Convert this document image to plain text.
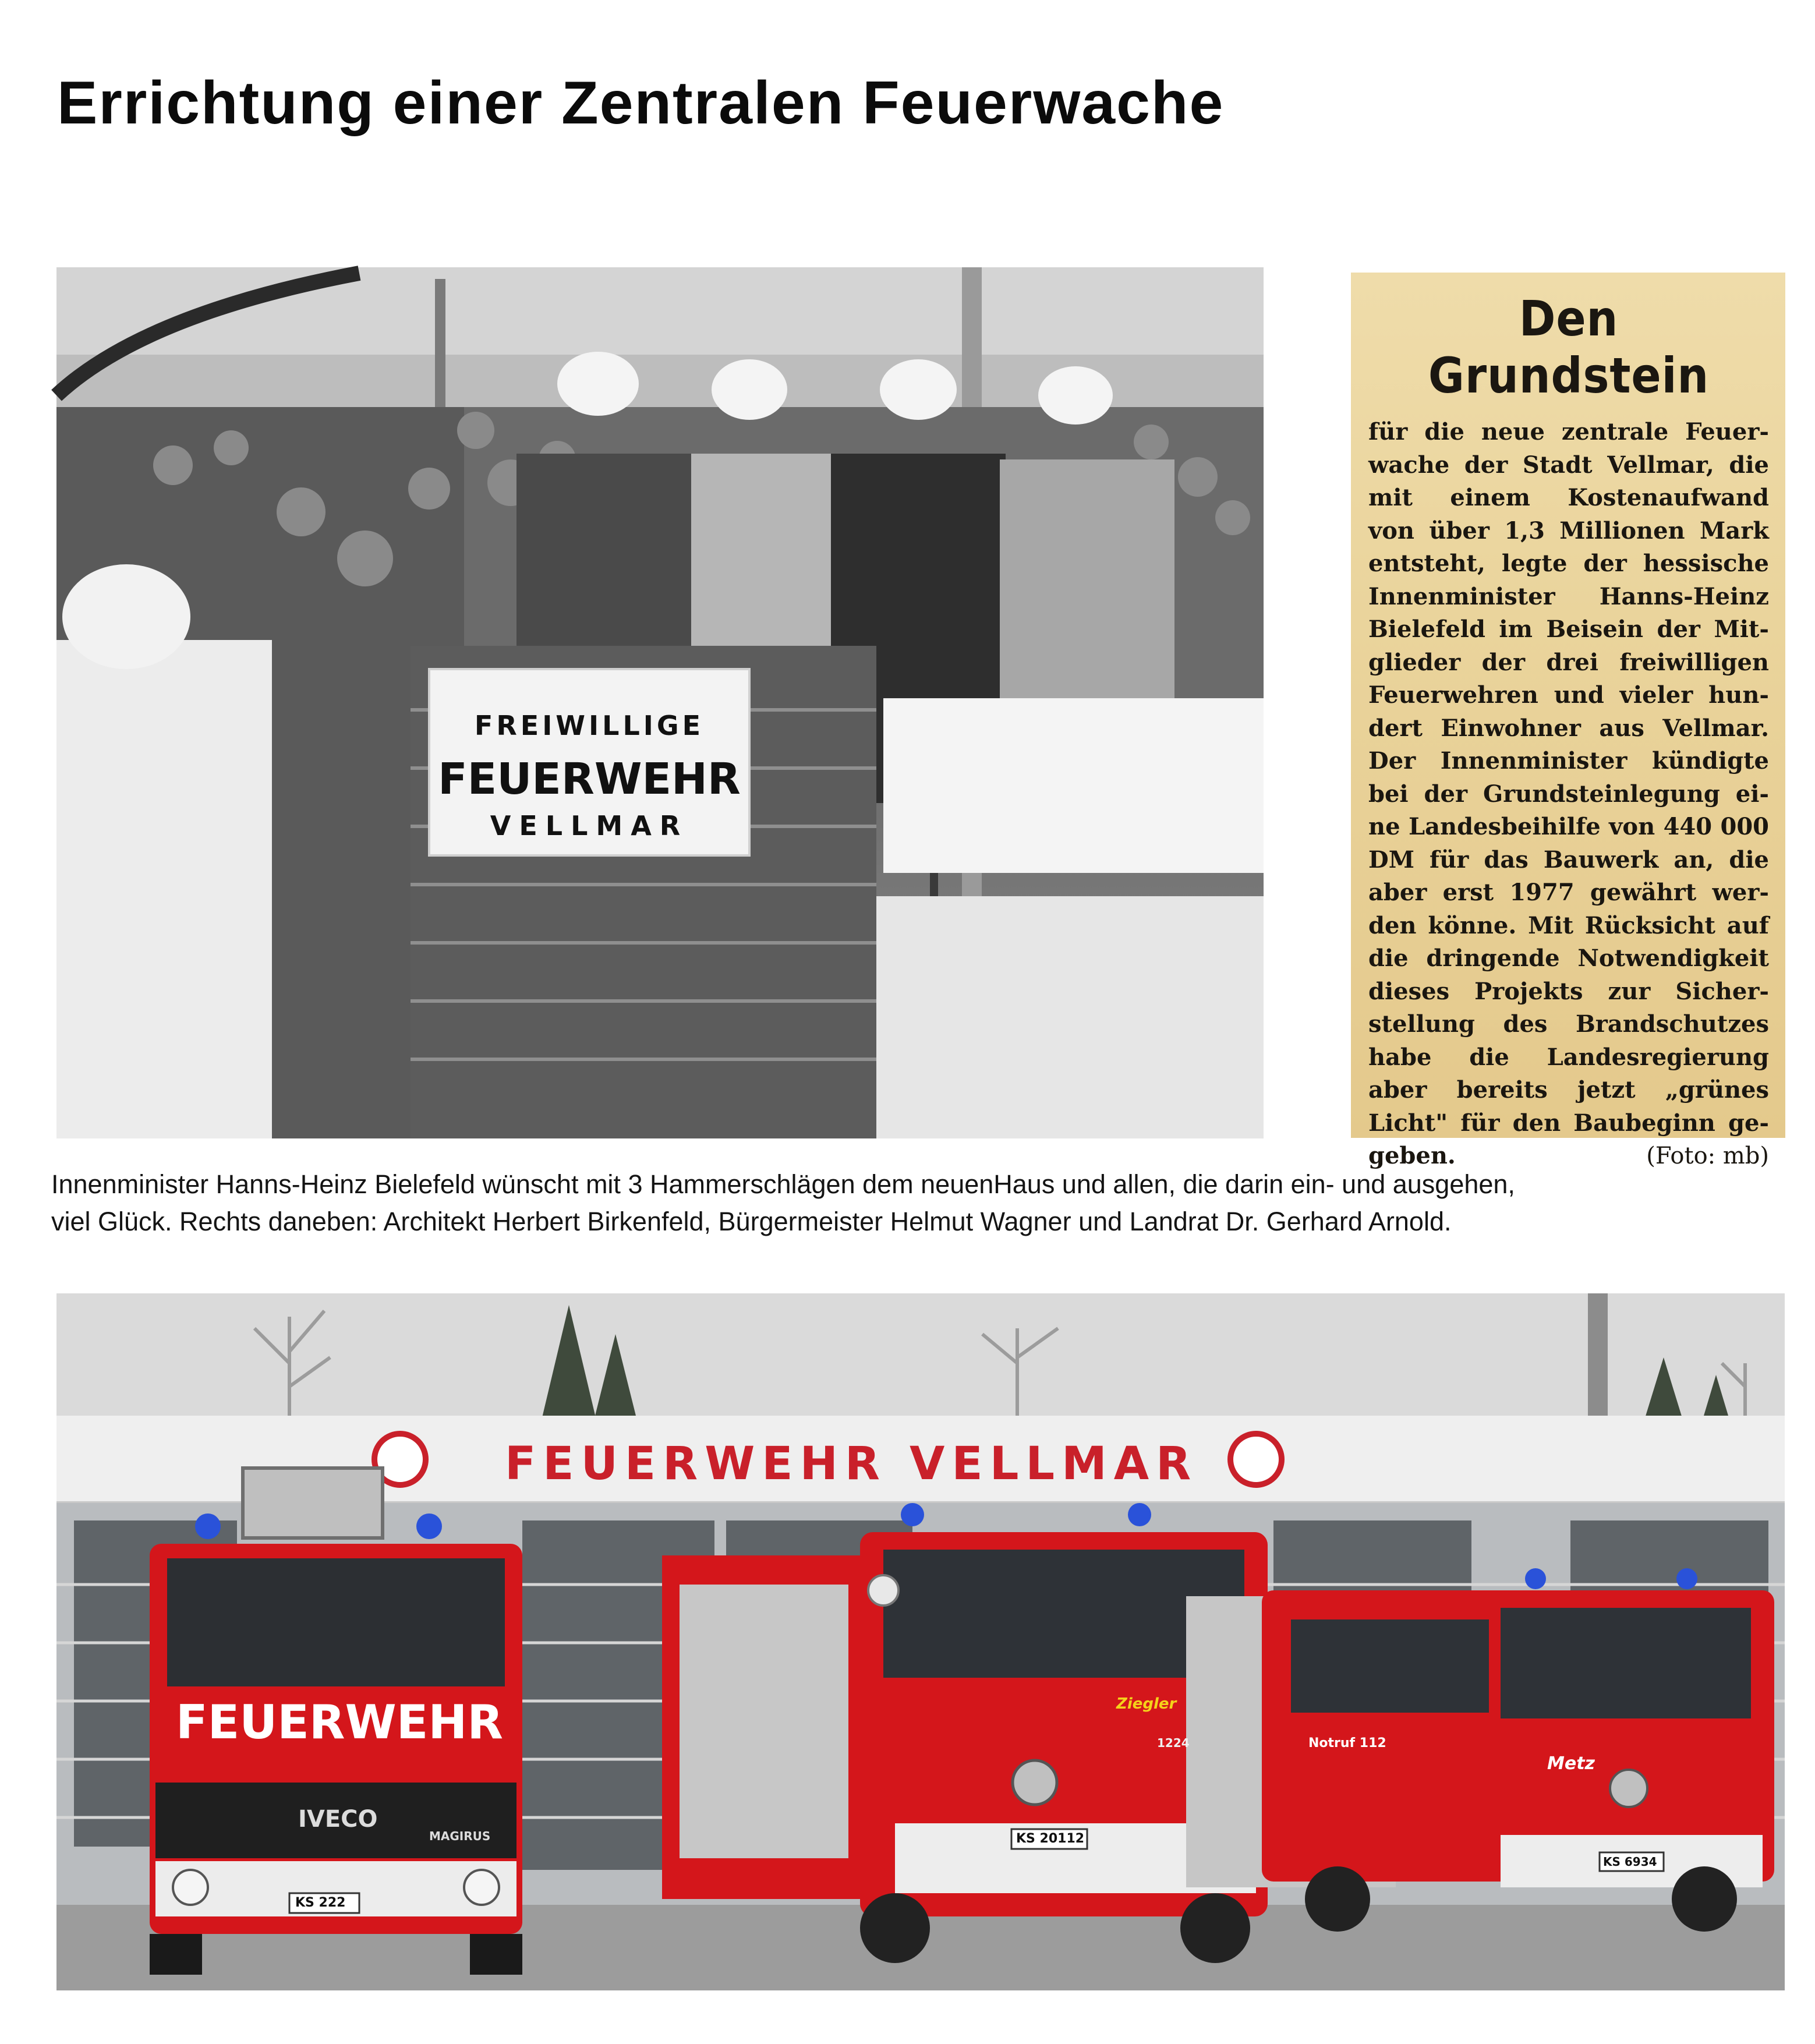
Errichtung einer Zentralen Feuerwache
FREIWILLIGE
FEUERWEHR
VELLMAR
Den Grundstein
für die neue zentrale Feuer-
wache der Stadt Vellmar, die
mit einem Kostenaufwand
von über 1,3 Millionen Mark
entsteht, legte der hessische
Innenminister Hanns-Heinz
Bielefeld im Beisein der Mit-
glieder der drei freiwilligen
Feuerwehren und vieler hun-
dert Einwohner aus Vellmar.
Der Innenminister kündigte
bei der Grundsteinlegung ei-
ne Landesbeihilfe von 440 000
DM für das Bauwerk an, die
aber erst 1977 gewährt wer-
den könne. Mit Rücksicht auf
die dringende Notwendigkeit
dieses Projekts zur Sicher-
stellung des Brandschutzes
habe die Landesregierung
aber bereits jetzt „grünes
Licht" für den Baubeginn ge-
geben.	(Foto: mb)
Innenminister Hanns-Heinz Bielefeld wünscht mit 3 Hammerschlägen dem neuenHaus und allen, die darin ein- und ausgehen,
viel Glück. Rechts daneben: Architekt Herbert Birkenfeld, Bürgermeister Helmut Wagner und Landrat Dr. Gerhard Arnold.
FEUERWEHR VELLMAR
FEUERWEHR
IVECO
MAGIRUS
KS 222
Ziegler
1224
KS 20112
Notruf 112
Metz
KS 6934
